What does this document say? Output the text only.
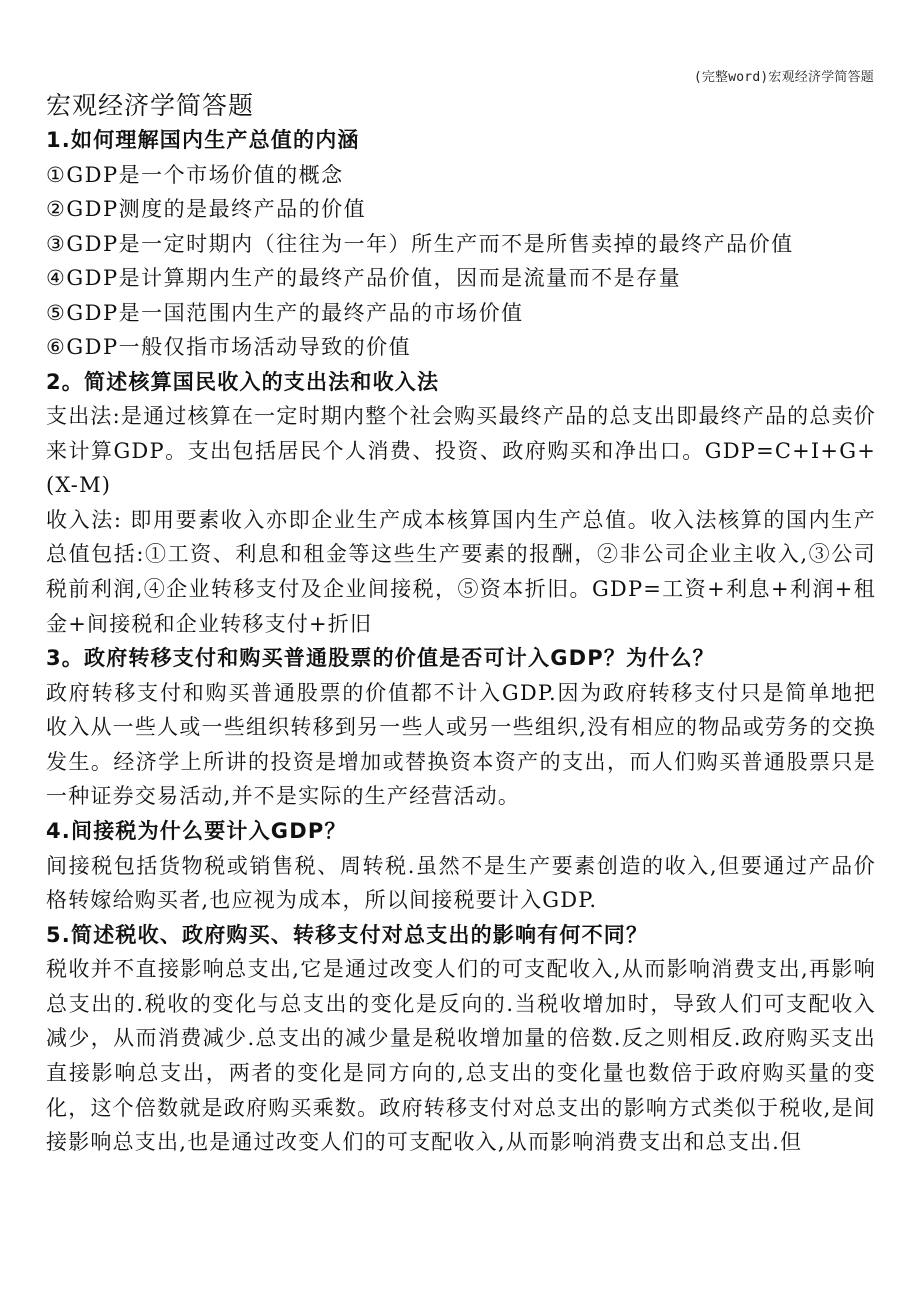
(完整word)宏观经济学简答题
宏观经济学简答题

1.如何理解国内生产总值的内涵

①GDP是一个市场价值的概念

②GDP测度的是最终产品的价值

③GDP是一定时期内（往往为一年）所生产而不是所售卖掉的最终产品价值

④GDP是计算期内生产的最终产品价值，因而是流量而不是存量

⑤GDP是一国范围内生产的最终产品的市场价值

⑥GDP一般仅指市场活动导致的价值

2。简述核算国民收入的支出法和收入法

支出法:是通过核算在一定时期内整个社会购买最终产品的总支出即最终产品的总卖价来计算GDP。支出包括居民个人消费、投资、政府购买和净出口。GDP=C+I+G+(X-M)

收入法: 即用要素收入亦即企业生产成本核算国内生产总值。收入法核算的国内生产总值包括:①工资、利息和租金等这些生产要素的报酬，②非公司企业主收入,③公司税前利润,④企业转移支付及企业间接税，⑤资本折旧。GDP=工资+利息+利润+租金+间接税和企业转移支付+折旧

3。政府转移支付和购买普通股票的价值是否可计入GDP？为什么？

政府转移支付和购买普通股票的价值都不计入GDP.因为政府转移支付只是简单地把收入从一些人或一些组织转移到另一些人或另一些组织,没有相应的物品或劳务的交换发生。经济学上所讲的投资是增加或替换资本资产的支出，而人们购买普通股票只是一种证券交易活动,并不是实际的生产经营活动。

4.间接税为什么要计入GDP？

间接税包括货物税或销售税、周转税.虽然不是生产要素创造的收入,但要通过产品价格转嫁给购买者,也应视为成本，所以间接税要计入GDP.

5.简述税收、政府购买、转移支付对总支出的影响有何不同？

税收并不直接影响总支出,它是通过改变人们的可支配收入,从而影响消费支出,再影响总支出的.税收的变化与总支出的变化是反向的.当税收增加时，导致人们可支配收入减少，从而消费减少.总支出的减少量是税收增加量的倍数.反之则相反.政府购买支出直接影响总支出，两者的变化是同方向的,总支出的变化量也数倍于政府购买量的变化，这个倍数就是政府购买乘数。政府转移支付对总支出的影响方式类似于税收,是间接影响总支出,也是通过改变人们的可支配收入,从而影响消费支出和总支出.但
